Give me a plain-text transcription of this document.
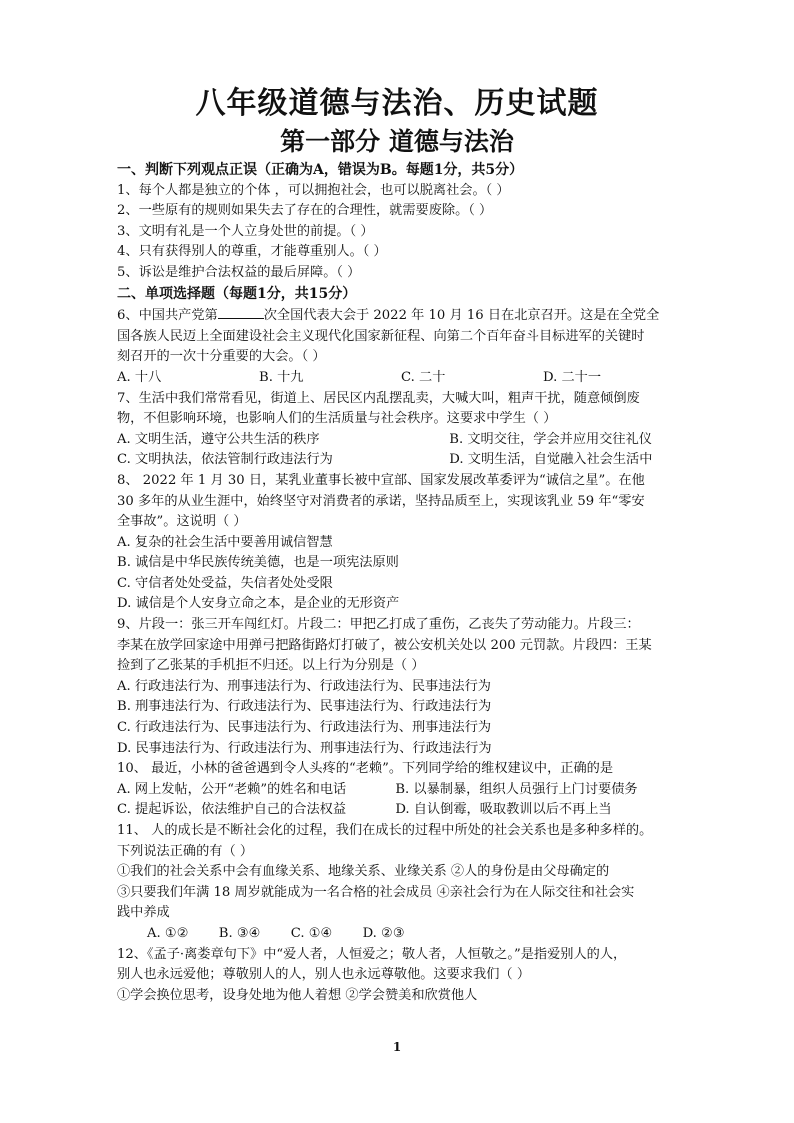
八年级道德与法治、历史试题
第一部分 道德与法治
一、判断下列观点正误（正确为A，错误为B。每题1分，共5分）
1、每个人都是独立的个体 ，可以拥抱社会，也可以脱离社会。（ ）
2、一些原有的规则如果失去了存在的合理性，就需要废除。（ ）
3、文明有礼是一个人立身处世的前提。（ ）
4、只有获得别人的尊重，才能尊重别人。（ ）
5、诉讼是维护合法权益的最后屏障。（ ）
二、单项选择题（每题1分，共15分）
6、中国共产党第	次全国代表大会于 2022 年 10 月 16 日在北京召开。这是在全党全
国各族人民迈上全面建设社会主义现代化国家新征程、向第二个百年奋斗目标进军的关键时
刻召开的一次十分重要的大会。（ ）
A. 十八	B. 十九	C. 二十	D. 二十一
7、生活中我们常常看见，街道上、居民区内乱摆乱卖，大喊大叫，粗声干扰，随意倾倒废
物，不但影响环境，也影响人们的生活质量与社会秩序。这要求中学生（ ）
A. 文明生活，遵守公共生活的秩序	B. 文明交往，学会并应用交往礼仪
C. 文明执法，依法管制行政违法行为	D. 文明生活，自觉融入社会生活中
8、 2022 年 1 月 30 日，某乳业董事长被中宣部、国家发展改革委评为“诚信之星”。在他
30 多年的从业生涯中，始终坚守对消费者的承诺，坚持品质至上，实现该乳业 59 年“零安
全事故”。这说明（ ）
A. 复杂的社会生活中要善用诚信智慧
B. 诚信是中华民族传统美德，也是一项宪法原则
C. 守信者处处受益，失信者处处受限
D. 诚信是个人安身立命之本，是企业的无形资产
9、片段一：张三开车闯红灯。片段二：甲把乙打成了重伤，乙丧失了劳动能力。片段三：
李某在放学回家途中用弹弓把路街路灯打破了，被公安机关处以 200 元罚款。片段四：王某
捡到了乙张某的手机拒不归还。以上行为分别是（ ）
A. 行政违法行为、刑事违法行为、行政违法行为、民事违法行为
B. 刑事违法行为、行政违法行为、民事违法行为、行政违法行为
C. 行政违法行为、民事违法行为、行政违法行为、刑事违法行为
D. 民事违法行为、行政违法行为、刑事违法行为、行政违法行为
10、 最近，小林的爸爸遇到令人头疼的“老赖”。下列同学给的维权建议中，正确的是
A. 网上发帖，公开“老赖”的姓名和电话	B. 以暴制暴，组织人员强行上门讨要债务
C. 提起诉讼，依法维护自己的合法权益	D. 自认倒霉，吸取教训以后不再上当
11、 人的成长是不断社会化的过程，我们在成长的过程中所处的社会关系也是多种多样的。
下列说法正确的有（ ）
①我们的社会关系中会有血缘关系、地缘关系、业缘关系 ②人的身份是由父母确定的
③只要我们年满 18 周岁就能成为一名合格的社会成员 ④亲社会行为在人际交往和社会实
践中养成
A. ①② B. ③④ C. ①④ D. ②③
12、《孟子·离娄章句下》中“爱人者，人恒爱之；敬人者，人恒敬之。”是指爱别人的人，
别人也永远爱他；尊敬别人的人，别人也永远尊敬他。这要求我们（ ）
①学会换位思考，设身处地为他人着想 ②学会赞美和欣赏他人
1
